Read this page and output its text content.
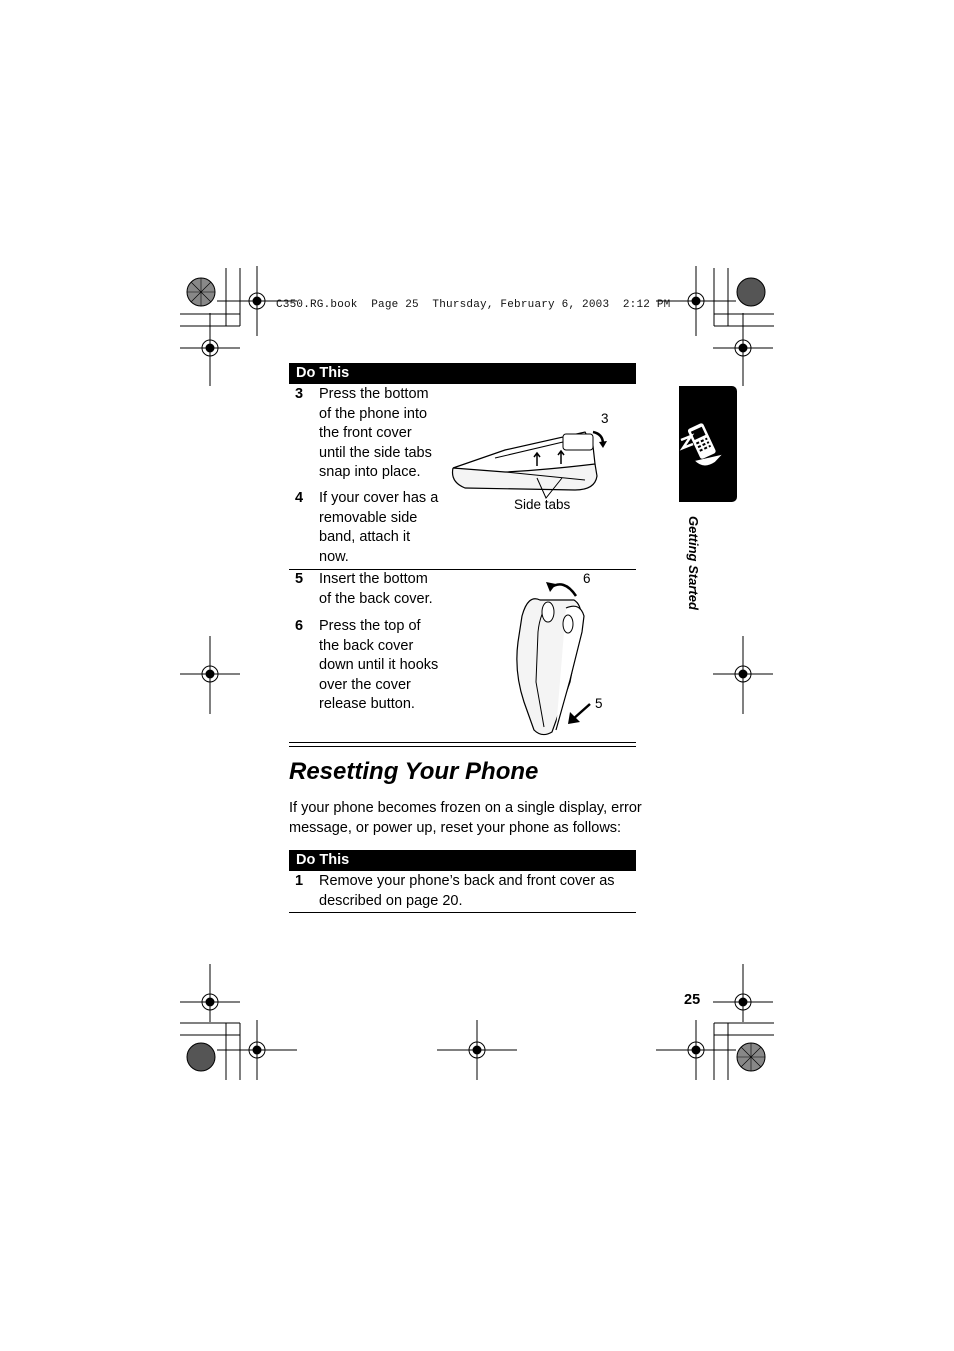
C350.RG.book  Page 25  Thursday, February 6, 2003  2:12 PM
Do This
3 Press the bottom
of the phone into
the front cover
until the side tabs
snap into place.
4 If your cover has a
removable side
band, attach it
now.
3
Side tabs
5 Insert the bottom
of the back cover.
6 Press the top of
the back cover
down until it hooks
over the cover
release button.
6
5
Resetting Your Phone
If your phone becomes frozen on a single display, error
message, or power up, reset your phone as follows:
Do This
1 Remove your phone’s back and front cover as
described on page 20.
Getting Started
25
